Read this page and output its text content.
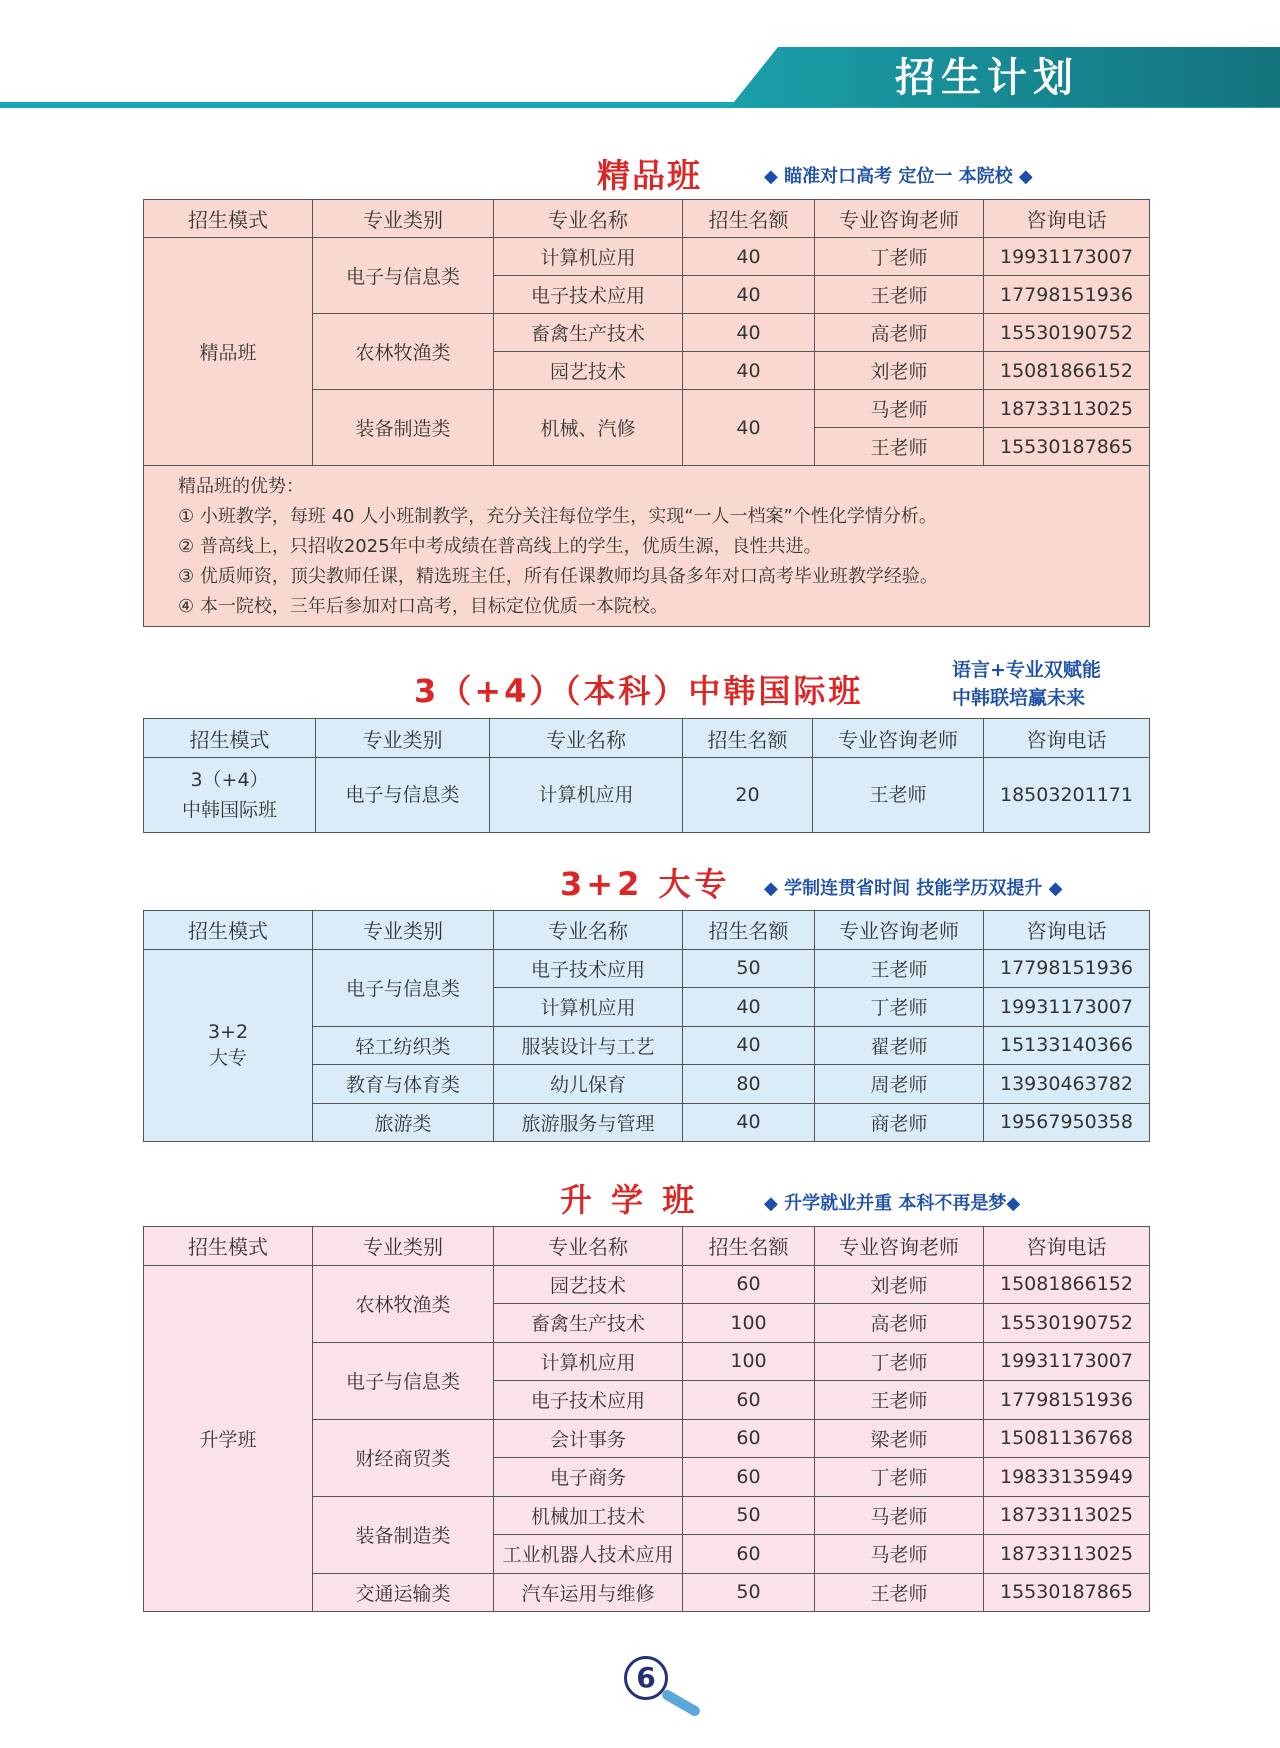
招生计划
精品班	◆ 瞄准对口高考 定位一 本院校 ◆
招生模式	专业类别	专业名称	招生名额	专业咨询老师	咨询电话
精品班	电子与信息类	计算机应用	40	丁老师	19931173007
		电子技术应用	40	王老师	17798151936
	农林牧渔类	畜禽生产技术	40	高老师	15530190752
		园艺技术	40	刘老师	15081866152
	装备制造类	机械、汽修	40	马老师	18733113025
				王老师	15530187865

精品班的优势：
① 小班教学，每班 40 人小班制教学，充分关注每位学生，实现“一人一档案”个性化学情分析。
② 普高线上，只招收2025年中考成绩在普高线上的学生，优质生源，良性共进。
③ 优质师资，顶尖教师任课，精选班主任，所有任课教师均具备多年对口高考毕业班教学经验。
④ 本一院校，三年后参加对口高考，目标定位优质一本院校。					
3（+4）（本科）中韩国际班
语言+专业双赋能
中韩联培赢未来
招生模式	专业类别	专业名称	招生名额	专业咨询老师	咨询电话

3（+4）
中韩国际班	电子与信息类	计算机应用	20	王老师	18503201171
3+2 大专 ◆ 学制连贯省时间 技能学历双提升 ◆
招生模式	专业类别	专业名称	招生名额	专业咨询老师	咨询电话

3+2
大专	电子与信息类	电子技术应用	50	王老师	17798151936
		计算机应用	40	丁老师	19931173007
	轻工纺织类	服装设计与工艺	40	翟老师	15133140366
	教育与体育类	幼儿保育	80	周老师	13930463782
	旅游类	旅游服务与管理	40	商老师	19567950358
升 学 班	◆ 升学就业并重 本科不再是梦◆
招生模式	专业类别	专业名称	招生名额	专业咨询老师	咨询电话
升学班	农林牧渔类	园艺技术	60	刘老师	15081866152
		畜禽生产技术	100	高老师	15530190752
	电子与信息类	计算机应用	100	丁老师	19931173007
		电子技术应用	60	王老师	17798151936
	财经商贸类	会计事务	60	梁老师	15081136768
		电子商务	60	丁老师	19833135949
	装备制造类	机械加工技术	50	马老师	18733113025
		工业机器人技术应用	60	马老师	18733113025
	交通运输类	汽车运用与维修	50	王老师	15530187865
6
